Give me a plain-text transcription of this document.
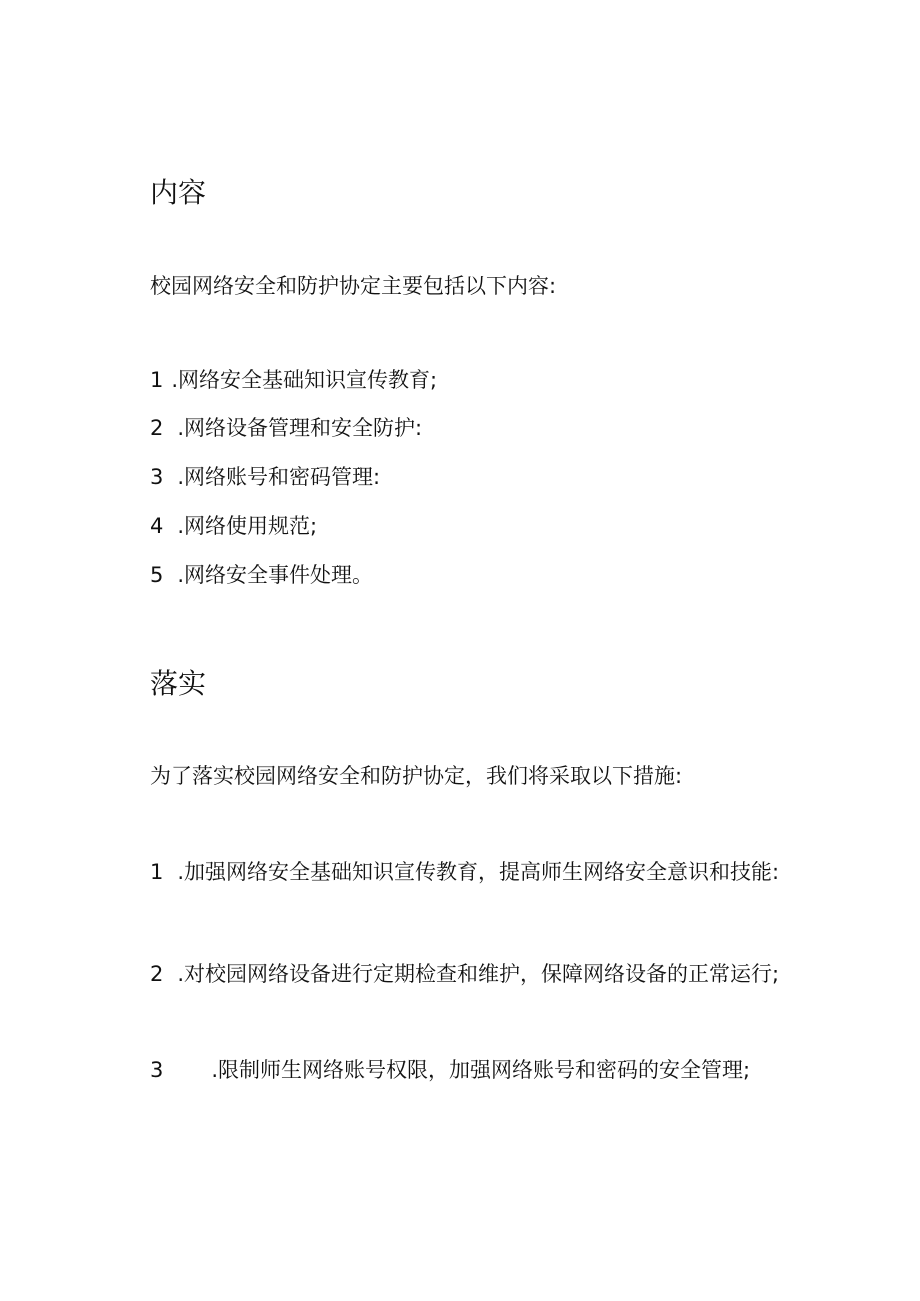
内容

校园网络安全和防护协定主要包括以下内容:

1 .网络安全基础知识宣传教育;
2 .网络设备管理和安全防护:
3 .网络账号和密码管理:
4 .网络使用规范;
5 .网络安全事件处理。
落实

为了落实校园网络安全和防护协定，我们将采取以下措施:

1 .加强网络安全基础知识宣传教育，提高师生网络安全意识和技能:
2 .对校园网络设备进行定期检查和维护，保障网络设备的正常运行;
3 .限制师生网络账号权限，加强网络账号和密码的安全管理;
